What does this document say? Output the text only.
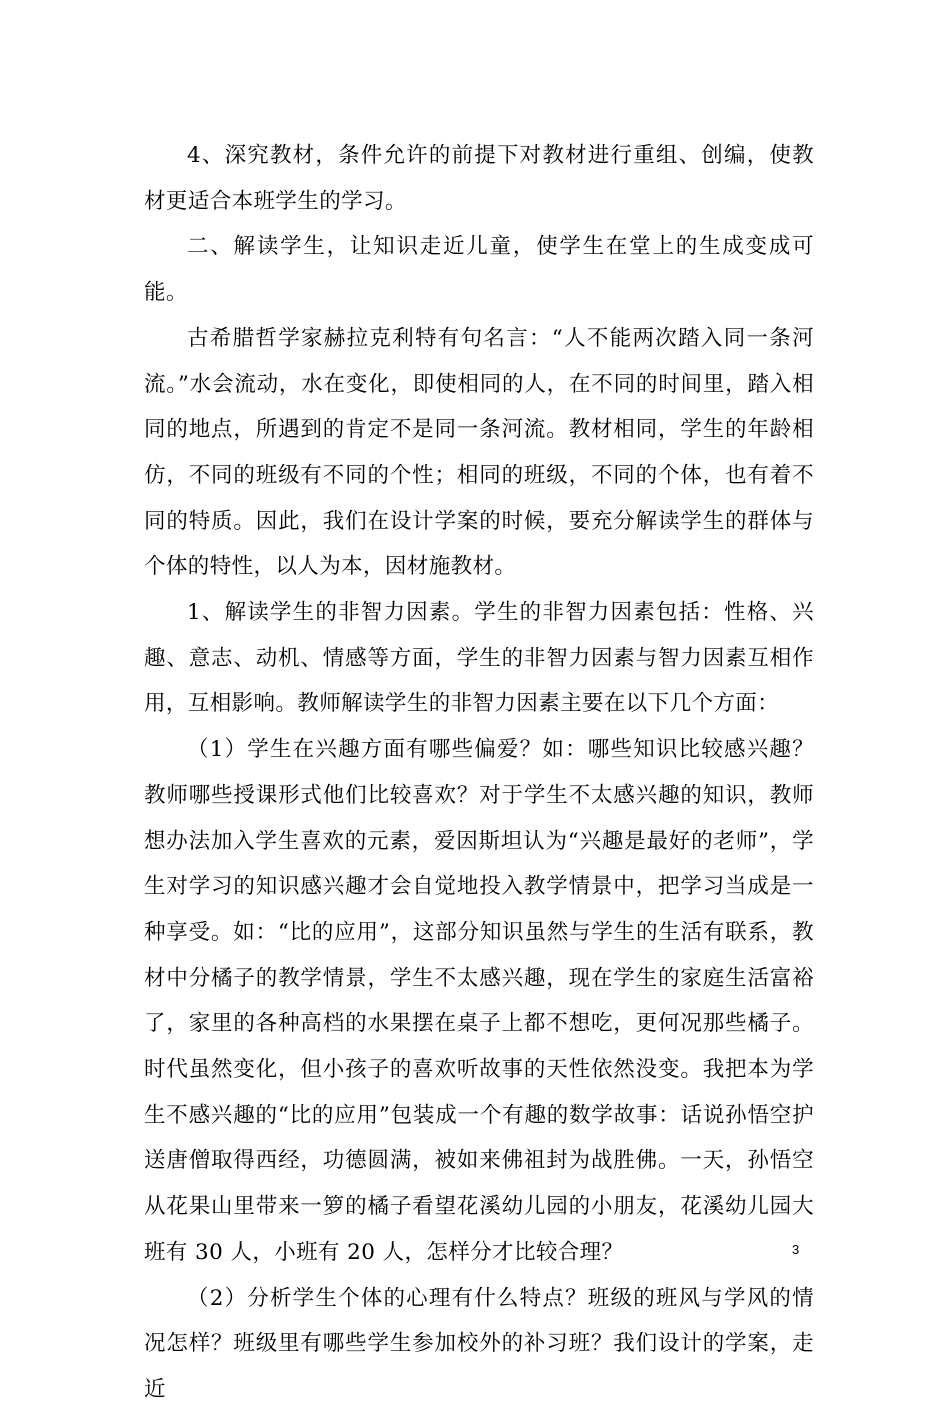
4、深究教材，条件允许的前提下对教材进行重组、创编，使教材更适合本班学生的学习。

二、解读学生，让知识走近儿童，使学生在堂上的生成变成可能。

古希腊哲学家赫拉克利特有句名言：“人不能两次踏入同一条河流。”水会流动，水在变化，即使相同的人，在不同的时间里，踏入相同的地点，所遇到的肯定不是同一条河流。教材相同，学生的年龄相仿，不同的班级有不同的个性；相同的班级，不同的个体，也有着不同的特质。因此，我们在设计学案的时候，要充分解读学生的群体与个体的特性，以人为本，因材施教材。

1、解读学生的非智力因素。学生的非智力因素包括：性格、兴趣、意志、动机、情感等方面，学生的非智力因素与智力因素互相作用，互相影响。教师解读学生的非智力因素主要在以下几个方面：

（1）学生在兴趣方面有哪些偏爱？如：哪些知识比较感兴趣？教师哪些授课形式他们比较喜欢？对于学生不太感兴趣的知识，教师想办法加入学生喜欢的元素，爱因斯坦认为“兴趣是最好的老师”，学生对学习的知识感兴趣才会自觉地投入教学情景中，把学习当成是一种享受。如：“比的应用”，这部分知识虽然与学生的生活有联系，教材中分橘子的教学情景，学生不太感兴趣，现在学生的家庭生活富裕了，家里的各种高档的水果摆在桌子上都不想吃，更何况那些橘子。时代虽然变化，但小孩子的喜欢听故事的天性依然没变。我把本为学生不感兴趣的“比的应用”包装成一个有趣的数学故事：话说孙悟空护送唐僧取得西经，功德圆满，被如来佛祖封为战胜佛。一天，孙悟空从花果山里带来一箩的橘子看望花溪幼儿园的小朋友，花溪幼儿园大班有 30 人，小班有 20 人，怎样分才比较合理？

（2）分析学生个体的心理有什么特点？班级的班风与学风的情况怎样？班级里有哪些学生参加校外的补习班？我们设计的学案，走近

3
